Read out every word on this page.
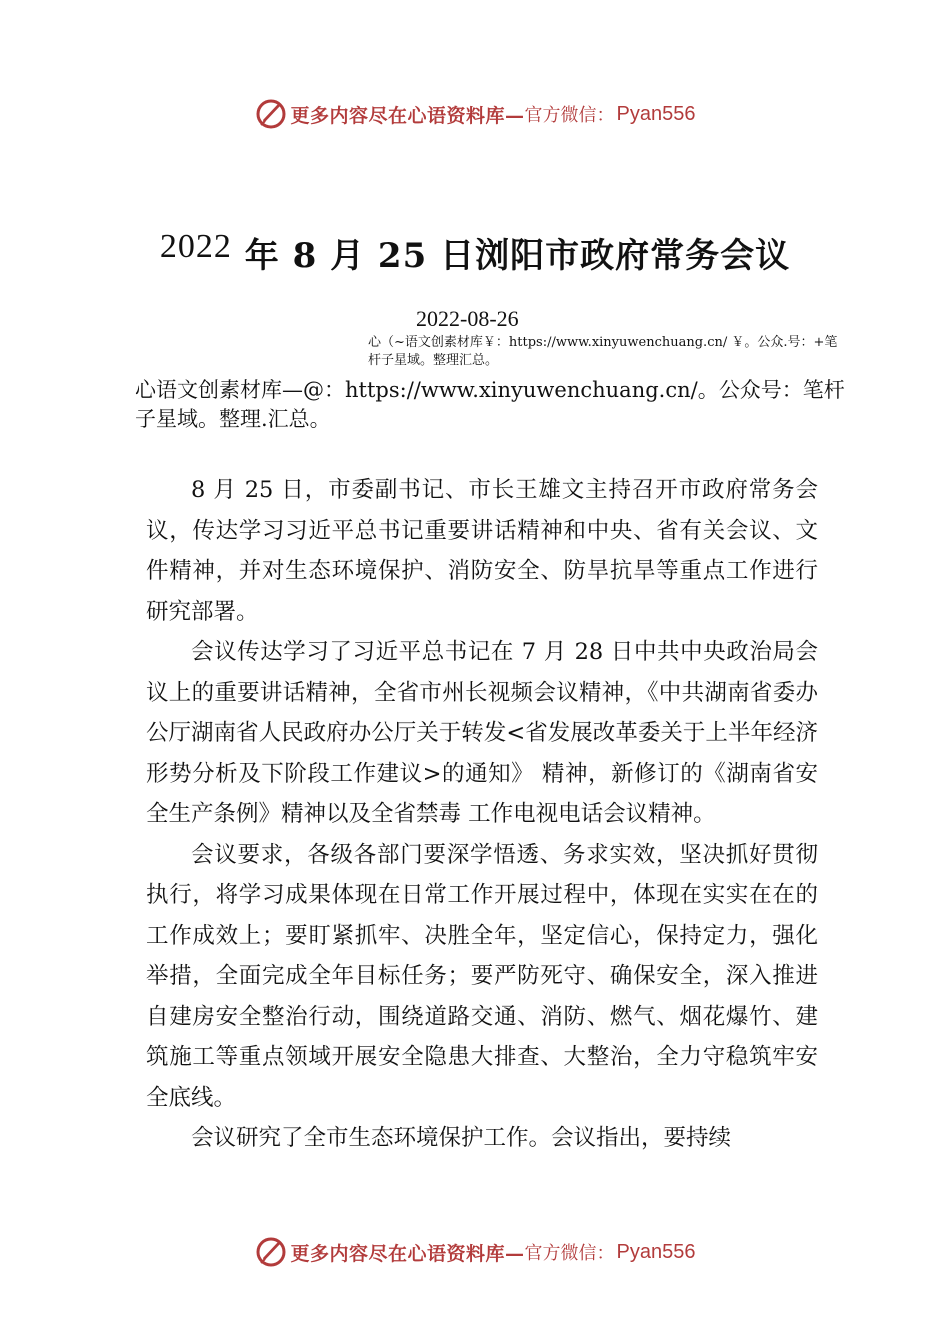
更多内容尽在心语资料库— 官方微信： Pyan556
2022 年 8 月 25 日浏阳市政府常务会议
2022-08-26
心（~语文创素材库￥：https://www.xinyuwenchuang.cn/ ￥。公众.号：+笔杆子星域。整理汇总。
心语文创素材库—@：https://www.xinyuwenchuang.cn/。公众号：笔杆子星域。整理.汇总。

8 月 25 日，市委副书记、市长王雄文主持召开市政府常务会议，传达学习习近平总书记重要讲话精神和中央、省有关会议、文件精神，并对生态环境保护、消防安全、防旱抗旱等重点工作进行研究部署。

会议传达学习了习近平总书记在 7 月 28 日中共中央政治局会议上的重要讲话精神，全省市州长视频会议精神，《中共湖南省委办公厅湖南省人民政府办公厅关于转发<省发展改革委关于上半年经济形势分析及下阶段工作建议>的通知》 精神，新修订的《湖南省安全生产条例》精神以及全省禁毒 工作电视电话会议精神。

会议要求，各级各部门要深学悟透、务求实效，坚决抓好贯彻执行，将学习成果体现在日常工作开展过程中，体现在实实在在的工作成效上；要盯紧抓牢、决胜全年，坚定信心，保持定力，强化举措，全面完成全年目标任务；要严防死守、确保安全，深入推进自建房安全整治行动，围绕道路交通、消防、燃气、烟花爆竹、建筑施工等重点领域开展安全隐患大排查、大整治，全力守稳筑牢安全底线。

会议研究了全市生态环境保护工作。会议指出，要持续

更多内容尽在心语资料库— 官方微信： Pyan556
